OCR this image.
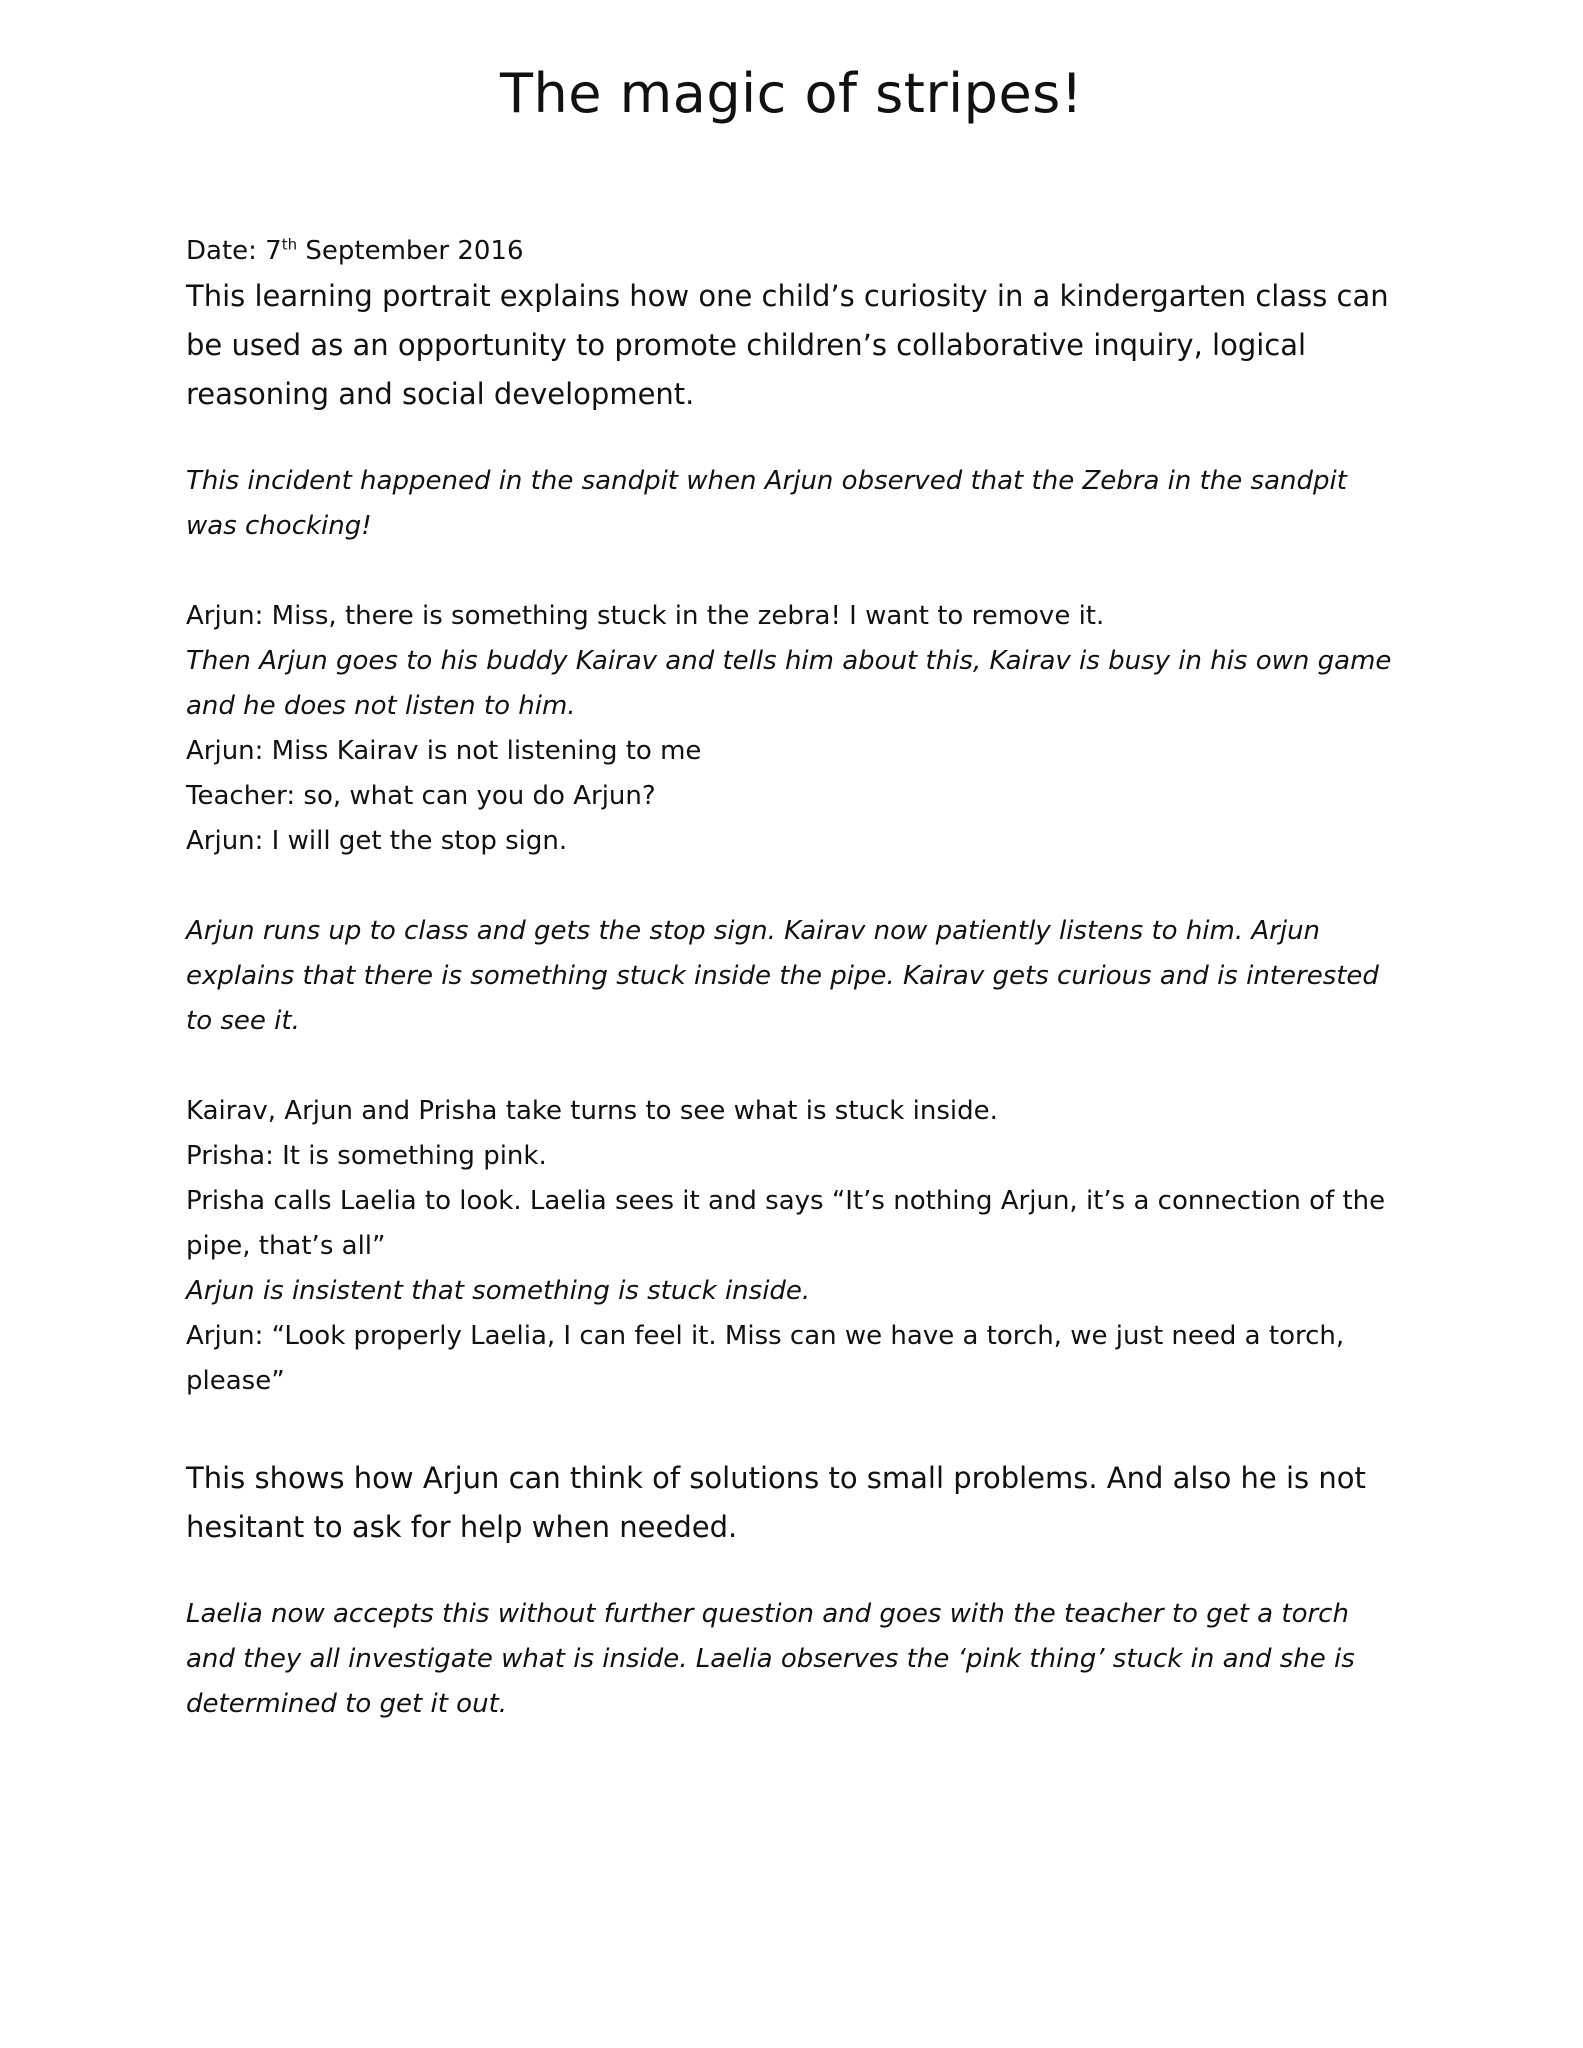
The magic of stripes!

Date: 7th September 2016

This learning portrait explains how one child’s curiosity in a kindergarten class can be used as an opportunity to promote children’s collaborative inquiry, logical reasoning and social development.

This incident happened in the sandpit when Arjun observed that the Zebra in the sandpit was chocking!

Arjun: Miss, there is something stuck in the zebra! I want to remove it.

Then Arjun goes to his buddy Kairav and tells him about this, Kairav is busy in his own game and he does not listen to him.

Arjun: Miss Kairav is not listening to me

Teacher: so, what can you do Arjun?

Arjun: I will get the stop sign.

Arjun runs up to class and gets the stop sign. Kairav now patiently listens to him. Arjun explains that there is something stuck inside the pipe. Kairav gets curious and is interested to see it.

Kairav, Arjun and Prisha take turns to see what is stuck inside.

Prisha: It is something pink.

Prisha calls Laelia to look. Laelia sees it and says “It’s nothing Arjun, it’s a connection of the pipe, that’s all”

Arjun is insistent that something is stuck inside.

Arjun: “Look properly Laelia, I can feel it. Miss can we have a torch, we just need a torch, please”

This shows how Arjun can think of solutions to small problems. And also he is not hesitant to ask for help when needed.

Laelia now accepts this without further question and goes with the teacher to get a torch and they all investigate what is inside. Laelia observes the ‘pink thing’ stuck in and she is determined to get it out.
